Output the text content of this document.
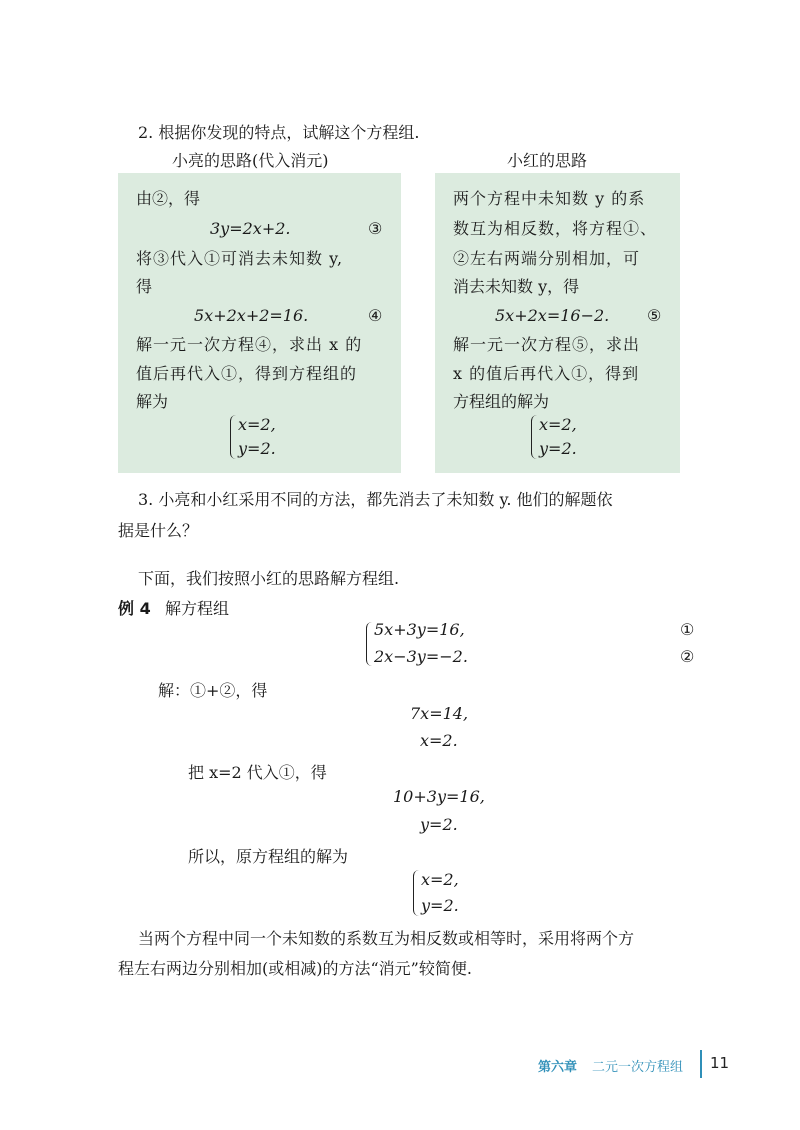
2. 根据你发现的特点，试解这个方程组.
小亮的思路(代入消元)	小红的思路
由②，得
3y=2x+2.	③
将③代入①可消去未知数 y,
得
5x+2x+2=16.	④
解一元一次方程④，求出 x 的
值后再代入①，得到方程组的
解为
x=2,
y=2.
两个方程中未知数 y 的系
数互为相反数，将方程①、
②左右两端分别相加，可
消去未知数 y，得
5x+2x=16−2. ⑤
解一元一次方程⑤，求出
x 的值后再代入①，得到
方程组的解为
x=2,
y=2.
3. 小亮和小红采用不同的方法，都先消去了未知数 y. 他们的解题依
据是什么？
下面，我们按照小红的思路解方程组.
例 4 解方程组
5x+3y=16,	①
2x−3y=−2.	②
解：①+②，得
7x=14,
x=2.
把 x=2 代入①，得
10+3y=16,
y=2.
所以，原方程组的解为
x=2,
y=2.
当两个方程中同一个未知数的系数互为相反数或相等时，采用将两个方
程左右两边分别相加(或相减)的方法“消元”较简便.
第六章 二元一次方程组 11
